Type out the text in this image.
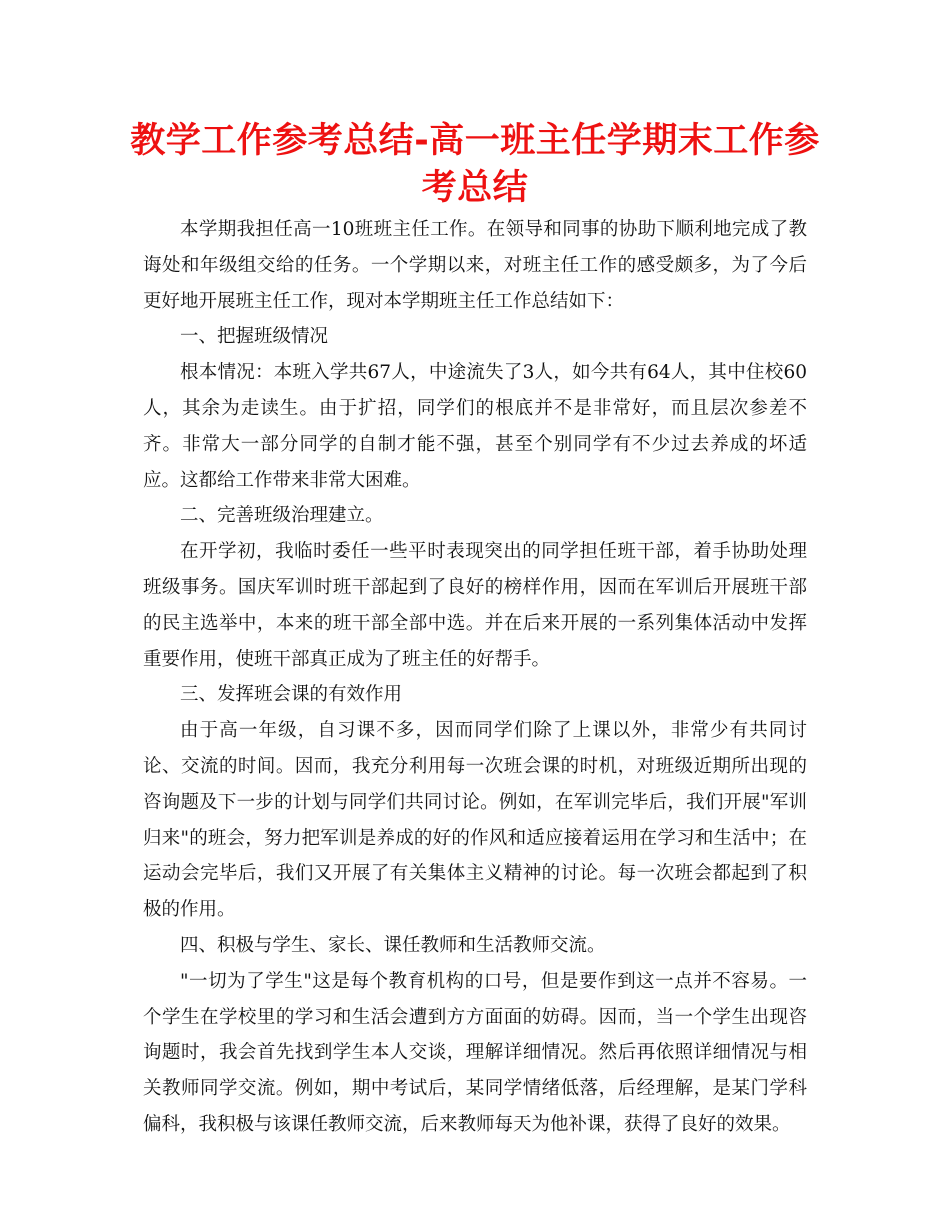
教学工作参考总结-高一班主任学期末工作参考总结

本学期我担任高一10班班主任工作。在领导和同事的协助下顺利地完成了教诲处和年级组交给的任务。一个学期以来，对班主任工作的感受颇多，为了今后更好地开展班主任工作，现对本学期班主任工作总结如下：

一、把握班级情况

根本情况：本班入学共67人，中途流失了3人，如今共有64人，其中住校60人，其余为走读生。由于扩招，同学们的根底并不是非常好，而且层次参差不齐。非常大一部分同学的自制才能不强，甚至个别同学有不少过去养成的坏适应。这都给工作带来非常大困难。

二、完善班级治理建立。

在开学初，我临时委任一些平时表现突出的同学担任班干部，着手协助处理班级事务。国庆军训时班干部起到了良好的榜样作用，因而在军训后开展班干部的民主选举中，本来的班干部全部中选。并在后来开展的一系列集体活动中发挥重要作用，使班干部真正成为了班主任的好帮手。

三、发挥班会课的有效作用

由于高一年级，自习课不多，因而同学们除了上课以外，非常少有共同讨论、交流的时间。因而，我充分利用每一次班会课的时机，对班级近期所出现的咨询题及下一步的计划与同学们共同讨论。例如，在军训完毕后，我们开展"军训归来"的班会，努力把军训是养成的好的作风和适应接着运用在学习和生活中；在运动会完毕后，我们又开展了有关集体主义精神的讨论。每一次班会都起到了积极的作用。

四、积极与学生、家长、课任教师和生活教师交流。

"一切为了学生"这是每个教育机构的口号，但是要作到这一点并不容易。一个学生在学校里的学习和生活会遭到方方面面的妨碍。因而，当一个学生出现咨询题时，我会首先找到学生本人交谈，理解详细情况。然后再依照详细情况与相关教师同学交流。例如，期中考试后，某同学情绪低落，后经理解，是某门学科偏科，我积极与该课任教师交流，后来教师每天为他补课，获得了良好的效果。
